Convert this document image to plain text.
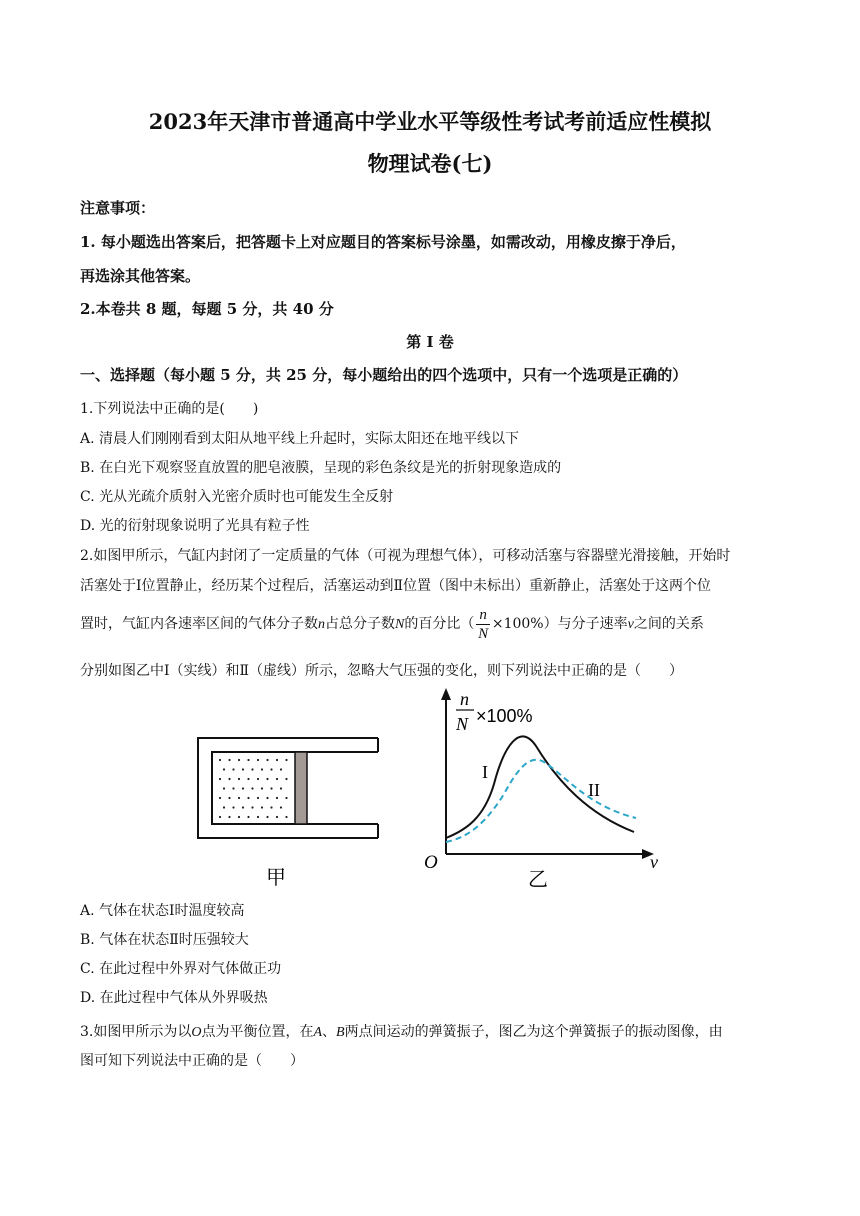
2023年天津市普通高中学业水平等级性考试考前适应性模拟
物理试卷(七)
注意事项：
1. 每小题选出答案后，把答题卡上对应题目的答案标号涂墨，如需改动，用橡皮擦于净后，
再选涂其他答案。
2.本卷共 8 题，每题 5 分，共 40 分
第 I 卷
一、选择题（每小题 5 分，共 25 分，每小题给出的四个选项中，只有一个选项是正确的）
1.下列说法中正确的是(　　)
A. 清晨人们刚刚看到太阳从地平线上升起时，实际太阳还在地平线以下
B. 在白光下观察竖直放置的肥皂液膜，呈现的彩色条纹是光的折射现象造成的
C. 光从光疏介质射入光密介质时也可能发生全反射
D. 光的衍射现象说明了光具有粒子性
2.如图甲所示，气缸内封闭了一定质量的气体（可视为理想气体），可移动活塞与容器壁光滑接触，开始时
活塞处于Ⅰ位置静止，经历某个过程后，活塞运动到Ⅱ位置（图中未标出）重新静止，活塞处于这两个位
置时，气缸内各速率区间的气体分子数n占总分子数N的百分比（ $\frac{n}{N} \times 100\%$）与分子速率v之间的关系
分别如图乙中Ⅰ（实线）和Ⅱ（虚线）所示，忽略大气压强的变化，则下列说法中正确的是（　　）
甲
n
N ×100%
I
II
O	v
乙
A. 气体在状态Ⅰ时温度较高
B. 气体在状态Ⅱ时压强较大
C. 在此过程中外界对气体做正功
D. 在此过程中气体从外界吸热
3.如图甲所示为以O点为平衡位置，在A、B两点间运动的弹簧振子，图乙为这个弹簧振子的振动图像，由
图可知下列说法中正确的是（　　）
